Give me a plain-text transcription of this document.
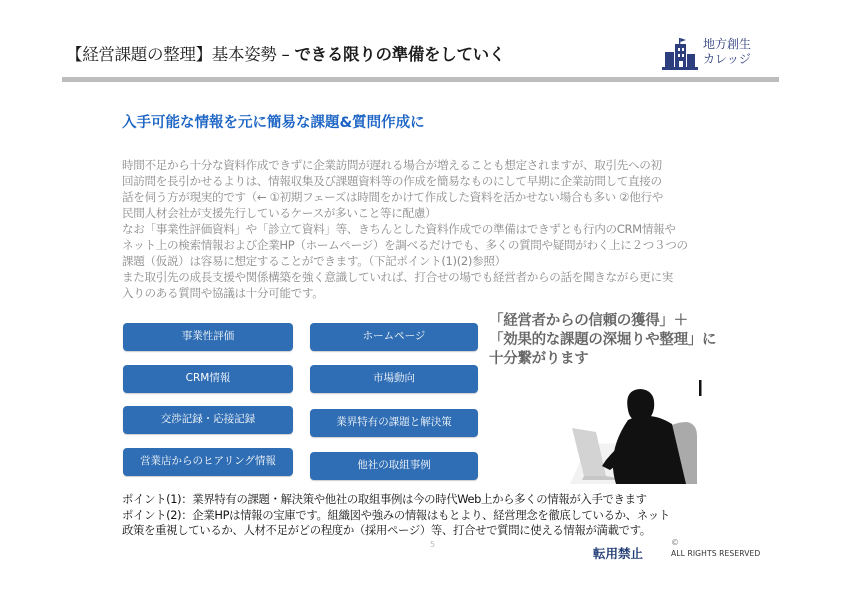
【経営課題の整理】基本姿勢 – できる限りの準備をしていく
地方創生
カレッジ
入手可能な情報を元に簡易な課題&質問作成に

時間不足から十分な資料作成できずに企業訪問が遅れる場合が増えることも想定されますが、取引先への初

回訪問を長引かせるよりは、情報収集及び課題資料等の作成を簡易なものにして早期に企業訪問して直接の

話を伺う方が現実的です（← ①初期フェーズは時間をかけて作成した資料を活かせない場合も多い ②他行や

民間人材会社が支援先行しているケースが多いこと等に配慮）

なお「事業性評価資料」や「診立て資料」等、きちんとした資料作成での準備はできずとも行内のCRM情報や

ネット上の検索情報および企業HP（ホームページ）を調べるだけでも、多くの質問や疑問がわく上に２つ３つの

課題（仮説）は容易に想定することができます。（下記ポイント(1)(2)参照）

また取引先の成長支援や関係構築を強く意識していれば、打合せの場でも経営者からの話を聞きながら更に実

入りのある質問や協議は十分可能です。

事業性評価
CRM情報
交渉記録・応接記録
営業店からのヒアリング情報
ホームページ
市場動向
業界特有の課題と解決策
他社の取組事例

「経営者からの信頼の獲得」＋

「効果的な課題の深堀りや整理」に

十分繋がります

ポイント(1)：業界特有の課題・解決策や他社の取組事例は今の時代Web上から多くの情報が入手できます

ポイント(2)：企業HPは情報の宝庫です。組織図や強みの情報はもとより、経営理念を徹底しているか、ネット

政策を重視しているか、人材不足がどの程度か（採用ページ）等、打合せで質問に使える情報が満載です。

5
転用禁止
©
ALL RIGHTS RESERVED
